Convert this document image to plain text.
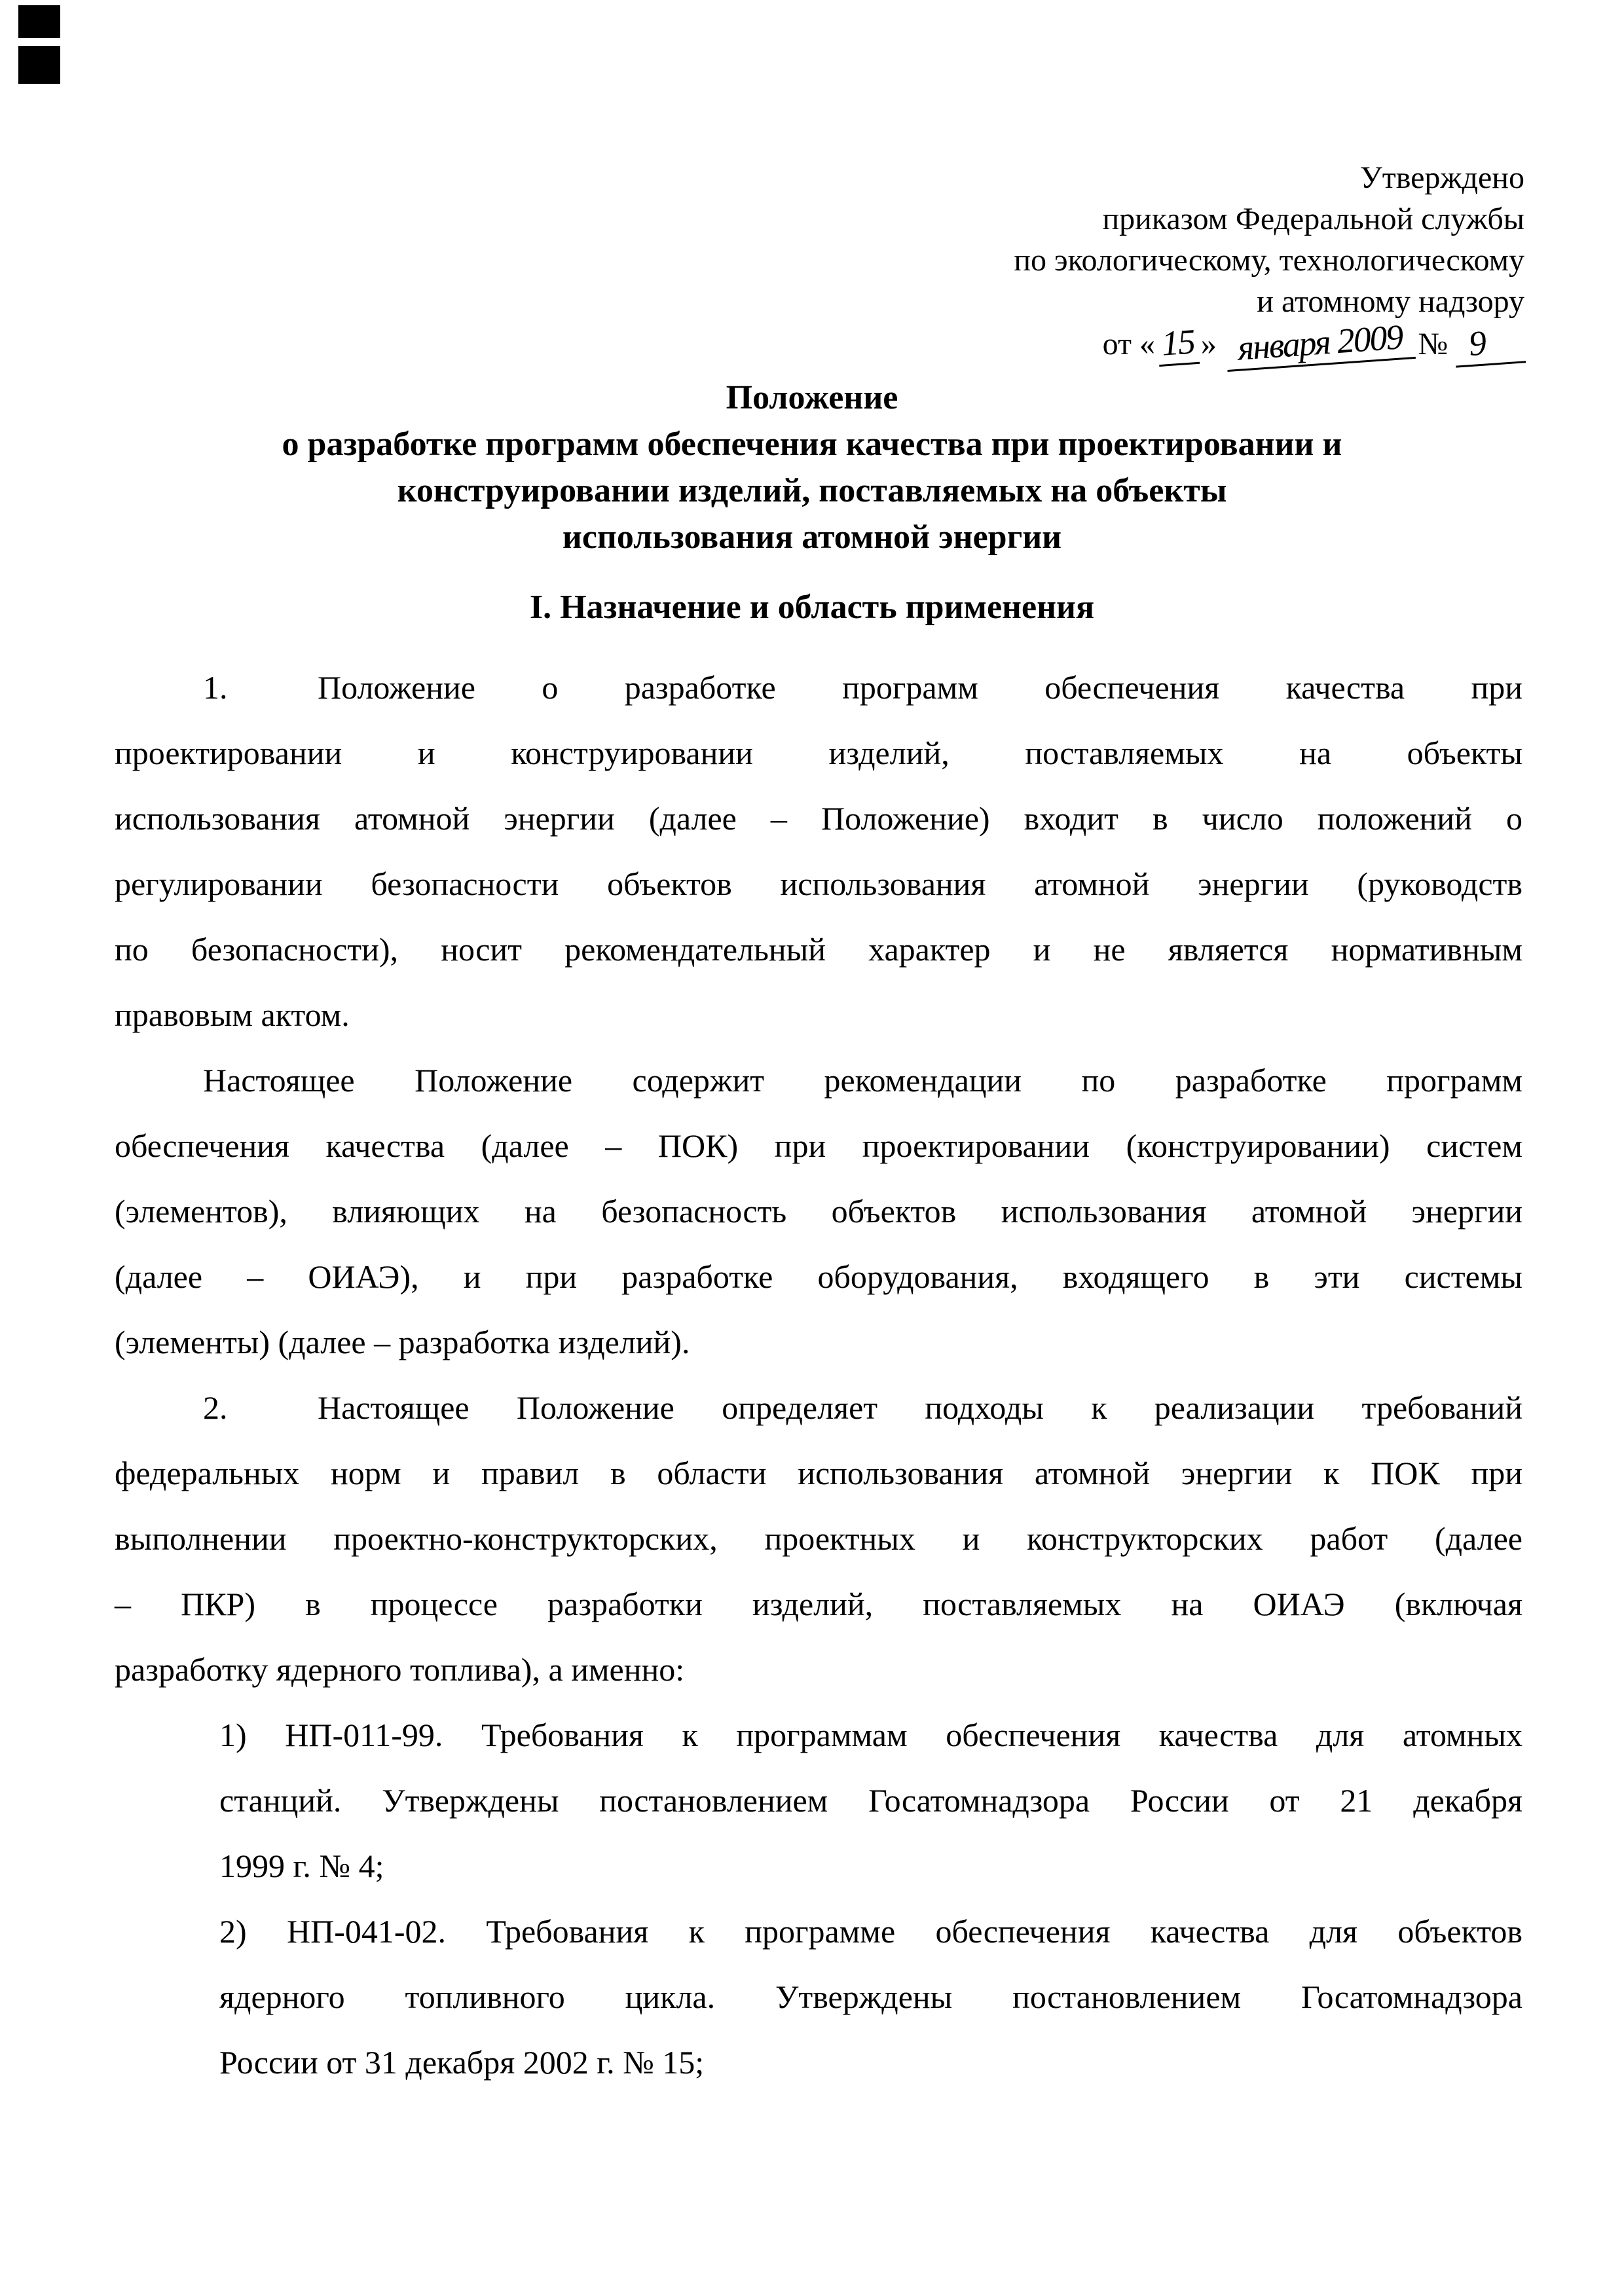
Утверждено
приказом Федеральной службы
по экологическому, технологическому
и атомному надзору
от « 15 » января 2009 № 9
Положение
о разработке программ обеспечения качества при проектировании и
конструировании изделий, поставляемых на объекты
использования атомной энергии
I. Назначение и область применения
1.	Положение о разработке программ обеспечения качества при
проектировании и конструировании изделий, поставляемых на объекты
использования атомной энергии (далее – Положение) входит в число положений о
регулировании безопасности объектов использования атомной энергии (руководств
по безопасности), носит рекомендательный характер и не является нормативным
правовым актом.
Настоящее Положение содержит рекомендации по разработке программ
обеспечения качества (далее – ПОК) при проектировании (конструировании) систем
(элементов), влияющих на безопасность объектов использования атомной энергии
(далее – ОИАЭ), и при разработке оборудования, входящего в эти системы
(элементы) (далее – разработка изделий).
2.	Настоящее Положение определяет подходы к реализации требований
федеральных норм и правил в области использования атомной энергии к ПОК при
выполнении проектно-конструкторских, проектных и конструкторских работ (далее
– ПКР) в процессе разработки изделий, поставляемых на ОИАЭ (включая
разработку ядерного топлива), а именно:
1) НП-011-99. Требования к программам обеспечения качества для атомных
станций. Утверждены постановлением Госатомнадзора России от 21 декабря
1999 г. № 4;
2) НП-041-02. Требования к программе обеспечения качества для объектов
ядерного топливного цикла. Утверждены постановлением Госатомнадзора
России от 31 декабря 2002 г. № 15;
